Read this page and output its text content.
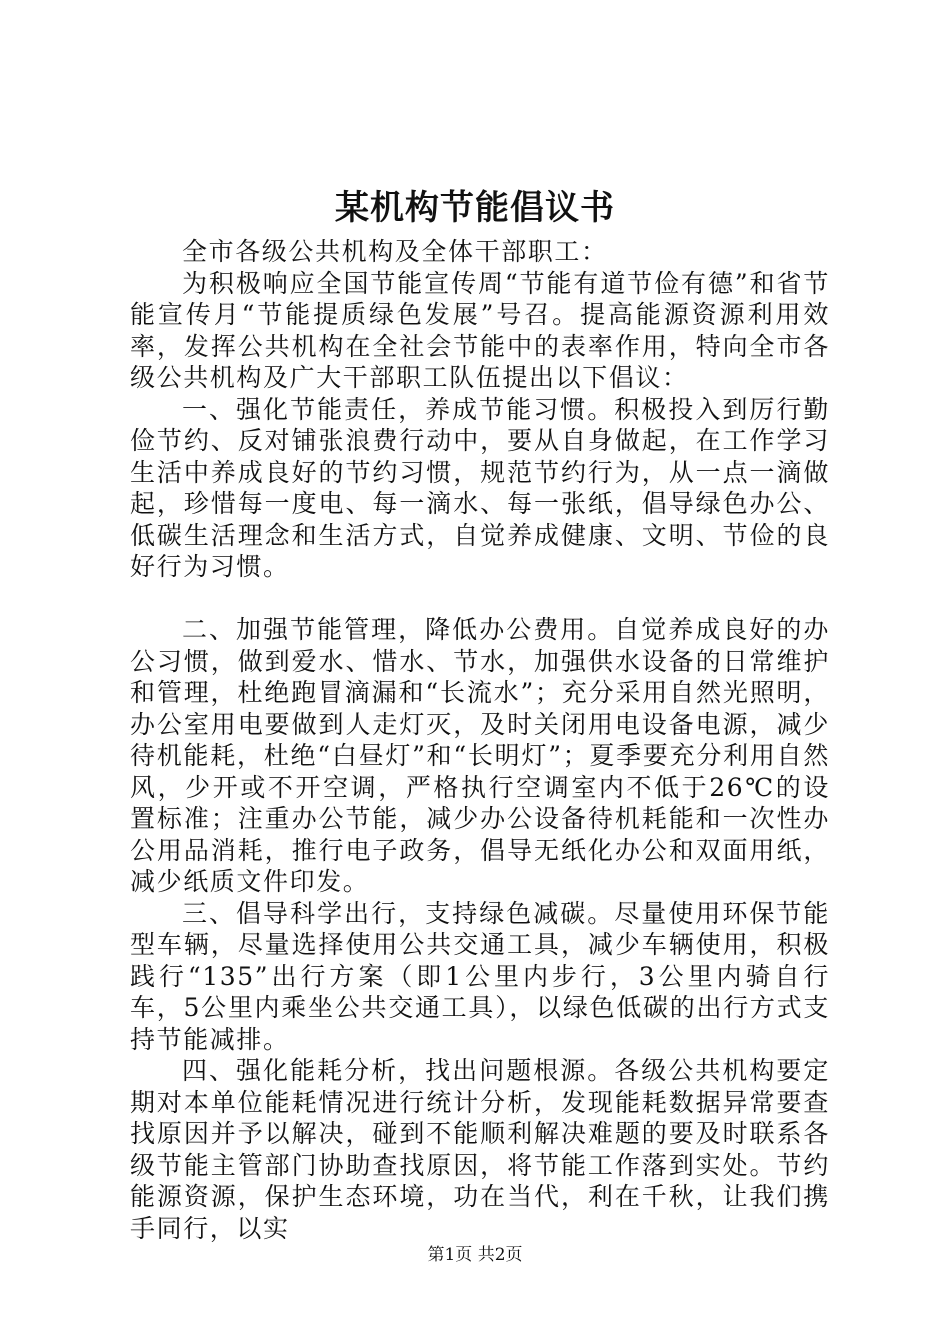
某机构节能倡议书

全市各级公共机构及全体干部职工：

为积极响应全国节能宣传周“节能有道节俭有德”和省节能宣传月“节能提质绿色发展”号召。提高能源资源利用效率，发挥公共机构在全社会节能中的表率作用，特向全市各级公共机构及广大干部职工队伍提出以下倡议：

一、强化节能责任，养成节能习惯。积极投入到厉行勤俭节约、反对铺张浪费行动中，要从自身做起，在工作学习生活中养成良好的节约习惯，规范节约行为，从一点一滴做起，珍惜每一度电、每一滴水、每一张纸，倡导绿色办公、低碳生活理念和生活方式，自觉养成健康、文明、节俭的良好行为习惯。

二、加强节能管理，降低办公费用。自觉养成良好的办公习惯，做到爱水、惜水、节水，加强供水设备的日常维护和管理，杜绝跑冒滴漏和“长流水”；充分采用自然光照明，办公室用电要做到人走灯灭，及时关闭用电设备电源，减少待机能耗，杜绝“白昼灯”和“长明灯”；夏季要充分利用自然风，少开或不开空调，严格执行空调室内不低于26℃的设置标准；注重办公节能，减少办公设备待机耗能和一次性办公用品消耗，推行电子政务，倡导无纸化办公和双面用纸，减少纸质文件印发。

三、倡导科学出行，支持绿色减碳。尽量使用环保节能型车辆，尽量选择使用公共交通工具，减少车辆使用，积极践行“135”出行方案（即1公里内步行，3公里内骑自行车，5公里内乘坐公共交通工具），以绿色低碳的出行方式支持节能减排。

四、强化能耗分析，找出问题根源。各级公共机构要定期对本单位能耗情况进行统计分析，发现能耗数据异常要查找原因并予以解决，碰到不能顺利解决难题的要及时联系各级节能主管部门协助查找原因，将节能工作落到实处。节约能源资源，保护生态环境，功在当代，利在千秋，让我们携手同行，以实

第1页 共2页
